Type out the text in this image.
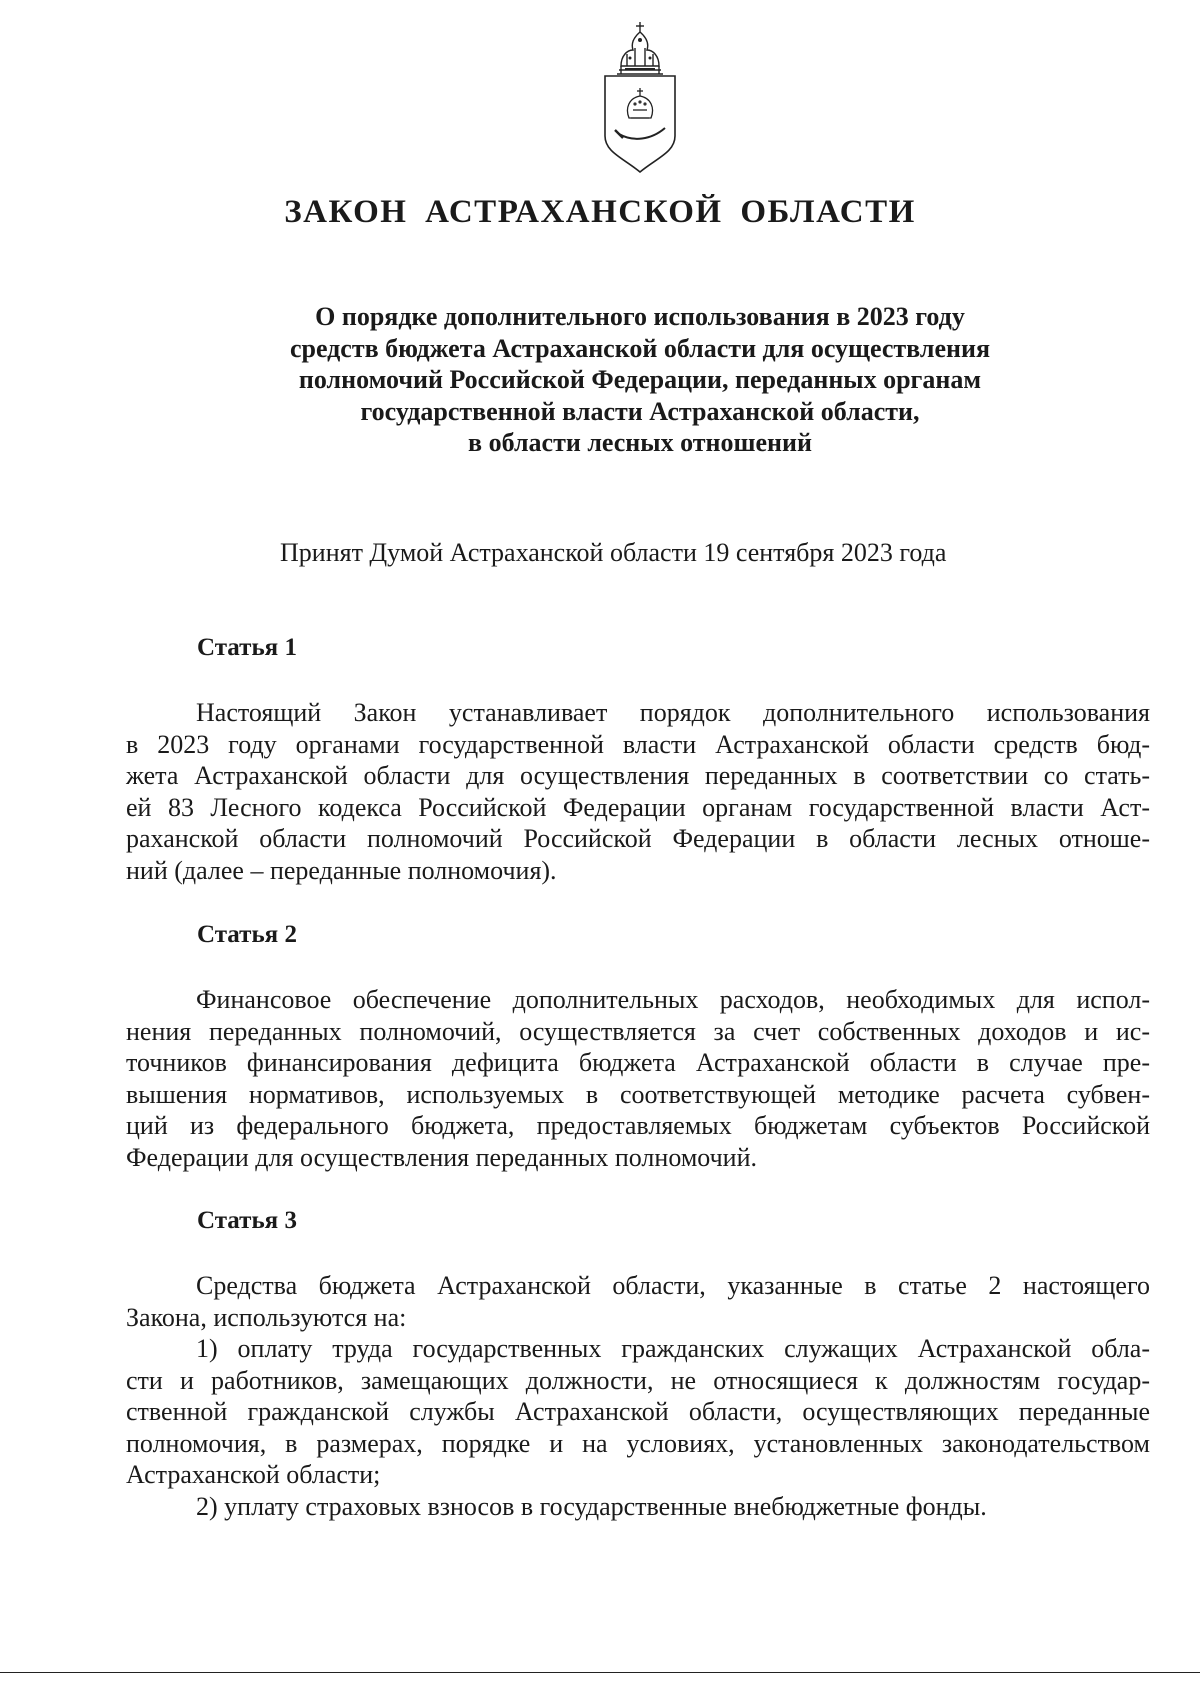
ЗАКОН АСТРАХАНСКОЙ ОБЛАСТИ
О порядке дополнительного использования в 2023 году
средств бюджета Астраханской области для осуществления
полномочий Российской Федерации, переданных органам
государственной власти Астраханской области,
в области лесных отношений

Принят Думой Астраханской области 19 сентября 2023 года

Статья 1

Настоящий Закон устанавливает порядок дополнительного использования
в 2023 году органами государственной власти Астраханской области средств бюд-
жета Астраханской области для осуществления переданных в соответствии со стать-
ей 83 Лесного кодекса Российской Федерации органам государственной власти Аст-
раханской области полномочий Российской Федерации в области лесных отноше-
ний (далее – переданные полномочия).

Статья 2

Финансовое обеспечение дополнительных расходов, необходимых для испол-
нения переданных полномочий, осуществляется за счет собственных доходов и ис-
точников финансирования дефицита бюджета Астраханской области в случае пре-
вышения нормативов, используемых в соответствующей методике расчета субвен-
ций из федерального бюджета, предоставляемых бюджетам субъектов Российской
Федерации для осуществления переданных полномочий.

Статья 3

Средства бюджета Астраханской области, указанные в статье 2 настоящего
Закона, используются на:
1) оплату труда государственных гражданских служащих Астраханской обла-
сти и работников, замещающих должности, не относящиеся к должностям государ-
ственной гражданской службы Астраханской области, осуществляющих переданные
полномочия, в размерах, порядке и на условиях, установленных законодательством
Астраханской области;
2) уплату страховых взносов в государственные внебюджетные фонды.
